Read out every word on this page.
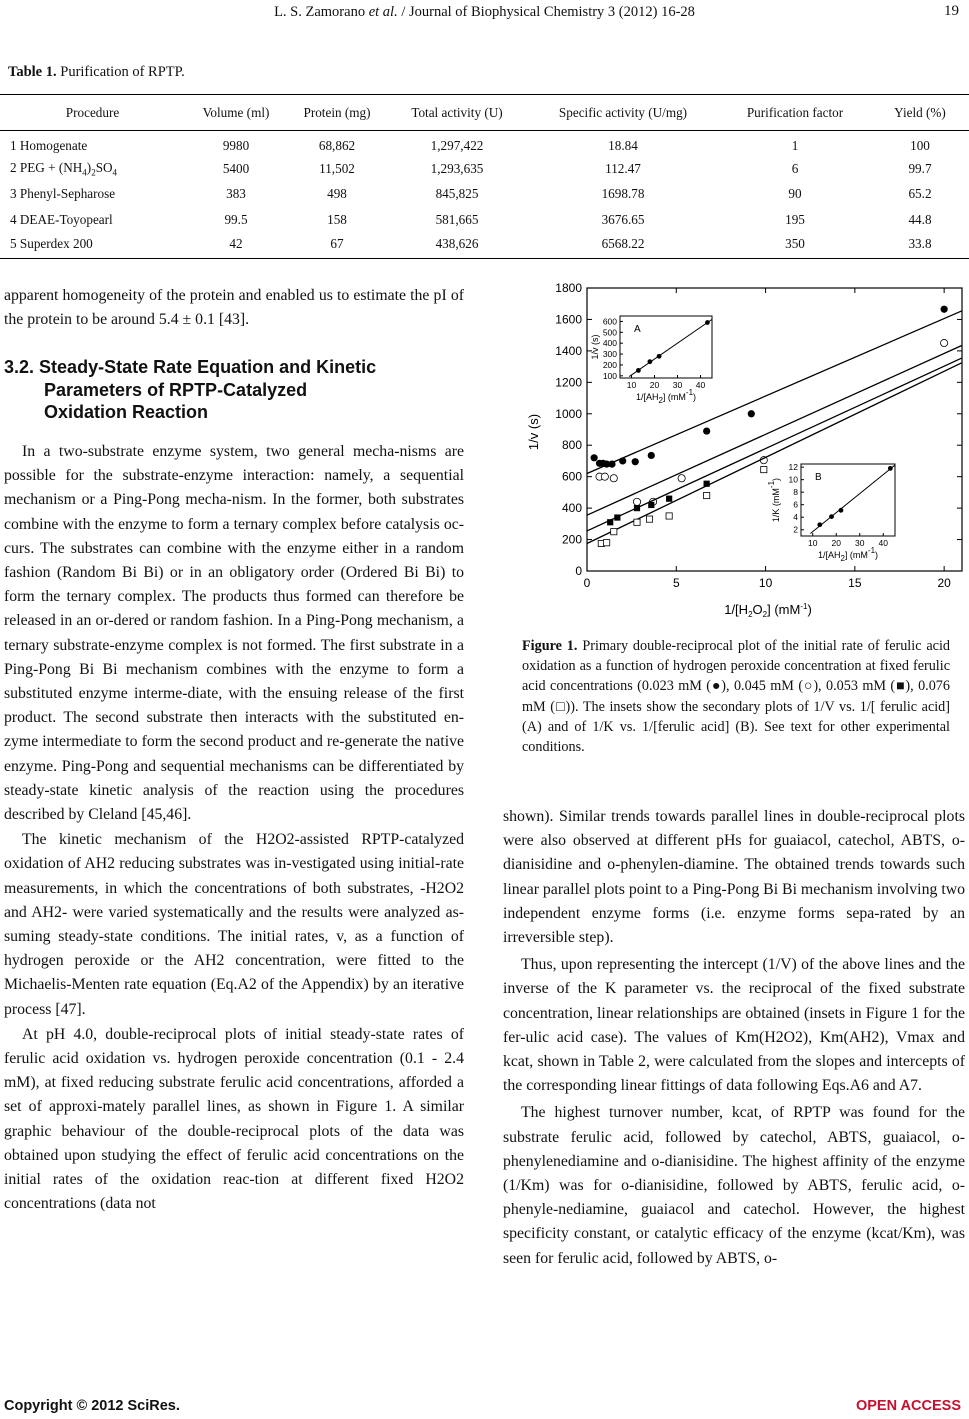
L. S. Zamorano et al. / Journal of Biophysical Chemistry 3 (2012) 16-28	19
Table 1. Purification of RPTP.
Procedure	Volume (ml)	Protein (mg)	Total activity (U)	Specific activity (U/mg)	Purification factor	Yield (%)
1 Homogenate	9980	68,862	1,297,422	18.84	1	100
2 PEG + $(NH_4)_2SO_4$	5400	11,502	1,293,635	112.47	6	99.7
3 Phenyl-Sepharose	383	498	845,825	1698.78	90	65.2
4 DEAE-Toyopearl	99.5	158	581,665	3676.65	195	44.8
5 Superdex 200	42	67	438,626	6568.22	350	33.8
apparent homogeneity of the protein and enabled us to estimate the pI of the protein to be around 5.4 ± 0.1 [43].
3.2. Steady-State Rate Equation and Kinetic
Parameters of RPTP-Catalyzed
Oxidation Reaction

In a two-substrate enzyme system, two general mecha-nisms are possible for the substrate-enzyme interaction: namely, a sequential mechanism or a Ping-Pong mecha-nism. In the former, both substrates combine with the enzyme to form a ternary complex before catalysis oc-curs. The substrates can combine with the enzyme either in a random fashion (Random Bi Bi) or in an obligatory order (Ordered Bi Bi) to form the ternary complex. The products thus formed can therefore be released in an or-dered or random fashion. In a Ping-Pong mechanism, a ternary substrate-enzyme complex is not formed. The first substrate in a Ping-Pong Bi Bi mechanism combines with the enzyme to form a substituted enzyme interme-diate, with the ensuing release of the first product. The second substrate then interacts with the substituted en-zyme intermediate to form the second product and re-generate the native enzyme. Ping-Pong and sequential mechanisms can be differentiated by steady-state kinetic analysis of the reaction using the procedures described by Cleland [45,46].

The kinetic mechanism of the H2O2-assisted RPTP-catalyzed oxidation of AH2 reducing substrates was in-vestigated using initial-rate measurements, in which the concentrations of both substrates, -H2O2 and AH2- were varied systematically and the results were analyzed as-suming steady-state conditions. The initial rates, v, as a function of hydrogen peroxide or the AH2 concentration, were fitted to the Michaelis-Menten rate equation (Eq.A2 of the Appendix) by an iterative process [47].

At pH 4.0, double-reciprocal plots of initial steady-state rates of ferulic acid oxidation vs. hydrogen peroxide concentration (0.1 - 2.4 mM), at fixed reducing substrate ferulic acid concentrations, afforded a set of approxi-mately parallel lines, as shown in Figure 1. A similar graphic behaviour of the double-reciprocal plots of the data was obtained upon studying the effect of ferulic acid concentrations on the initial rates of the oxidation reac-tion at different fixed H2O2 concentrations (data not

0	5	10	15	20
0
200
400
600
800
1000
1200
1400
1600
1800
$1/[H_2O_2]$ $(mM^{-1})$
1/v (s)
10 20 30 40
100
200
300
400
500
600
A
1/[AH2] (mM-1)
1/v (s)
10 20 30 40
2
4
6
8
10
12
B
1/[AH2] (mM-1)
1/K (mM-1)
Figure 1. Primary double-reciprocal plot of the initial rate of ferulic acid oxidation as a function of hydrogen peroxide concentration at fixed ferulic acid concentrations (0.023 mM (●), 0.045 mM (○), 0.053 mM (■), 0.076 mM (□)). The insets show the secondary plots of 1/V vs. 1/[ ferulic acid] (A) and of 1/K vs. 1/[ferulic acid] (B). See text for other experimental conditions.

shown). Similar trends towards parallel lines in double-reciprocal plots were also observed at different pHs for guaiacol, catechol, ABTS, o-dianisidine and o-phenylen-diamine. The obtained trends towards such linear parallel plots point to a Ping-Pong Bi Bi mechanism involving two independent enzyme forms (i.e. enzyme forms sepa-rated by an irreversible step).

Thus, upon representing the intercept (1/V) of the above lines and the inverse of the K parameter vs. the reciprocal of the fixed substrate concentration, linear relationships are obtained (insets in Figure 1 for the fer-ulic acid case). The values of Km(H2O2), Km(AH2), Vmax and kcat, shown in Table 2, were calculated from the slopes and intercepts of the corresponding linear fittings of data following Eqs.A6 and A7.

The highest turnover number, kcat, of RPTP was found for the substrate ferulic acid, followed by catechol, ABTS, guaiacol, o-phenylenediamine and o-dianisidine. The highest affinity of the enzyme (1/Km) was for o-dianisidine, followed by ABTS, ferulic acid, o-phenyle-nediamine, guaiacol and catechol. However, the highest specificity constant, or catalytic efficacy of the enzyme (kcat/Km), was seen for ferulic acid, followed by ABTS, o-

Copyright © 2012 SciRes.	OPEN ACCESS
